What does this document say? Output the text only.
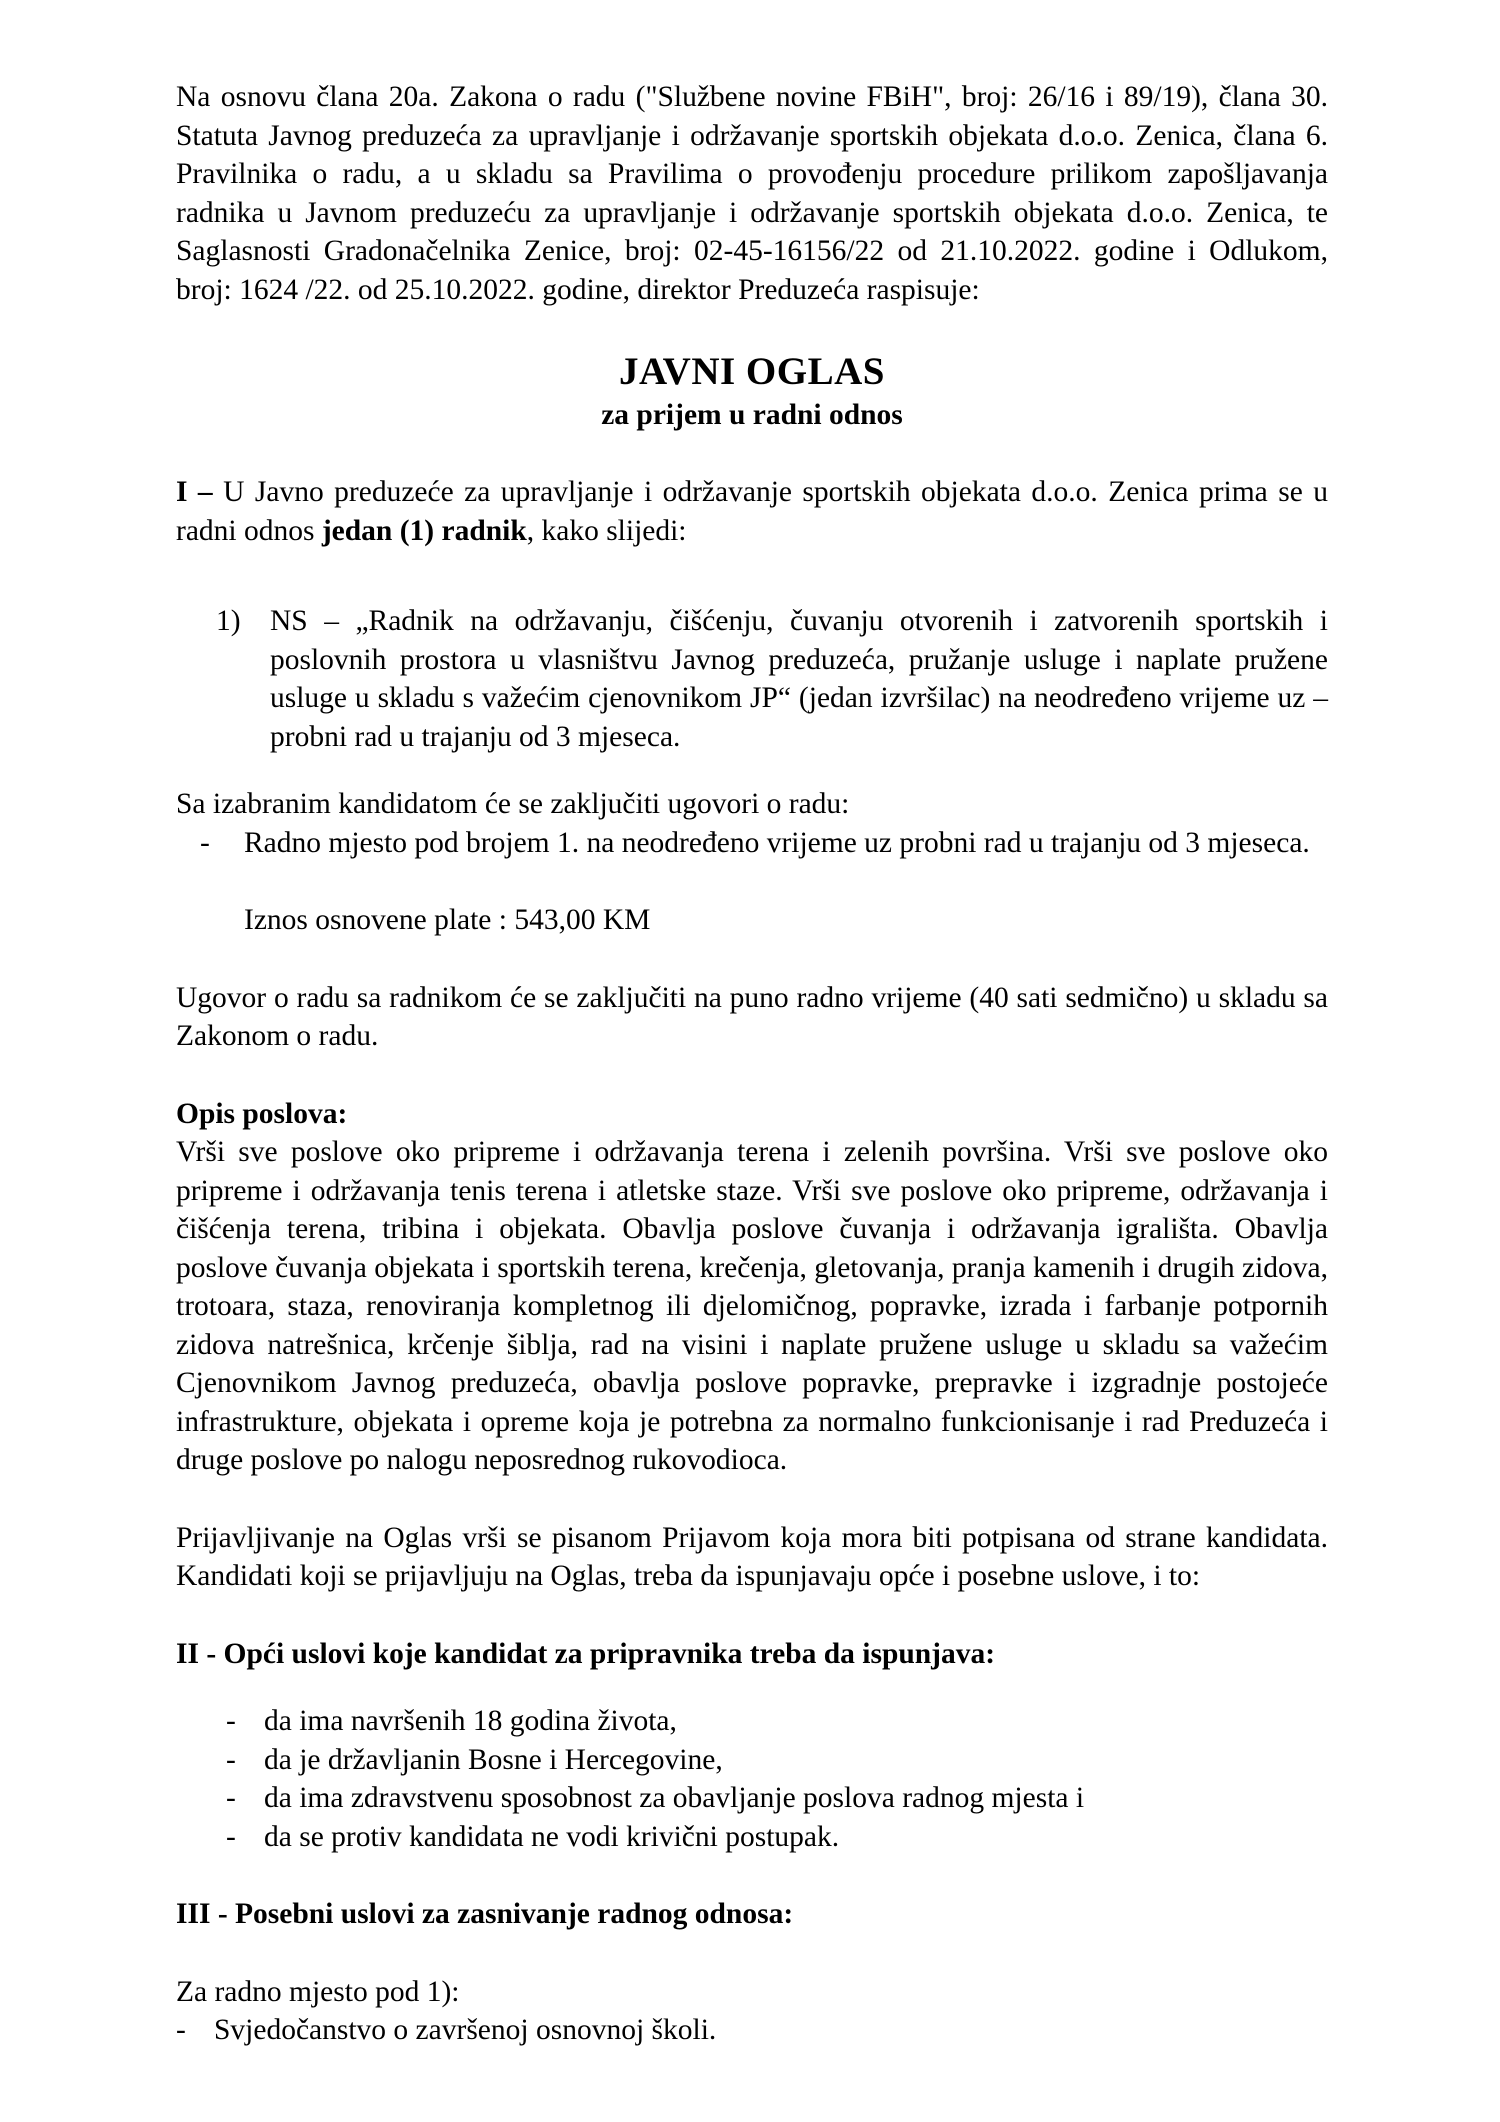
Na osnovu člana 20a. Zakona o radu ("Službene novine FBiH", broj: 26/16 i 89/19), člana 30. Statuta Javnog preduzeća za upravljanje i održavanje sportskih objekata d.o.o. Zenica, člana 6. Pravilnika o radu, a u skladu sa Pravilima o provođenju procedure prilikom zapošljavanja radnika u Javnom preduzeću za upravljanje i održavanje sportskih objekata d.o.o. Zenica, te Saglasnosti Gradonačelnika Zenice, broj: 02-45-16156/22 od 21.10.2022. godine i Odlukom, broj: 1624 /22. od 25.10.2022. godine, direktor Preduzeća raspisuje:

JAVNI OGLAS
za prijem u radni odnos

I – U Javno preduzeće za upravljanje i održavanje sportskih objekata d.o.o. Zenica prima se u radni odnos jedan (1) radnik, kako slijedi:

1) NS – „Radnik na održavanju, čišćenju, čuvanju otvorenih i zatvorenih sportskih i poslovnih prostora u vlasništvu Javnog preduzeća, pružanje usluge i naplate pružene usluge u skladu s važećim cjenovnikom JP“ (jedan izvršilac) na neodređeno vrijeme uz – probni rad u trajanju od 3 mjeseca.
Sa izabranim kandidatom će se zaključiti ugovori o radu:
-	Radno mjesto pod brojem 1. na neodređeno vrijeme uz probni rad u trajanju od 3 mjeseca.
Iznos osnovene plate : 543,00 KM

Ugovor o radu sa radnikom će se zaključiti na puno radno vrijeme (40 sati sedmično) u skladu sa Zakonom o radu.

Opis poslova:

Vrši sve poslove oko pripreme i održavanja terena i zelenih površina. Vrši sve poslove oko pripreme i održavanja tenis terena i atletske staze. Vrši sve poslove oko pripreme, održavanja i čišćenja terena, tribina i objekata. Obavlja poslove čuvanja i održavanja igrališta. Obavlja poslove čuvanja objekata i sportskih terena, krečenja, gletovanja, pranja kamenih i drugih zidova, trotoara, staza, renoviranja kompletnog ili djelomičnog, popravke, izrada i farbanje potpornih zidova natrešnica, krčenje šiblja, rad na visini i naplate pružene usluge u skladu sa važećim Cjenovnikom Javnog preduzeća, obavlja poslove popravke, prepravke i izgradnje postojeće infrastrukture, objekata i opreme koja je potrebna za normalno funkcionisanje i rad Preduzeća i druge poslove po nalogu neposrednog rukovodioca.

Prijavljivanje na Oglas vrši se pisanom Prijavom koja mora biti potpisana od strane kandidata. Kandidati koji se prijavljuju na Oglas, treba da ispunjavaju opće i posebne uslove, i to:

II - Opći uslovi koje kandidat za pripravnika treba da ispunjava:
- da ima navršenih 18 godina života,
- da je državljanin Bosne i Hercegovine,
- da ima zdravstvenu sposobnost za obavljanje poslova radnog mjesta i
- da se protiv kandidata ne vodi krivični postupak.
III - Posebni uslovi za zasnivanje radnog odnosa:
Za radno mjesto pod 1):
- Svjedočanstvo o završenoj osnovnoj školi.
